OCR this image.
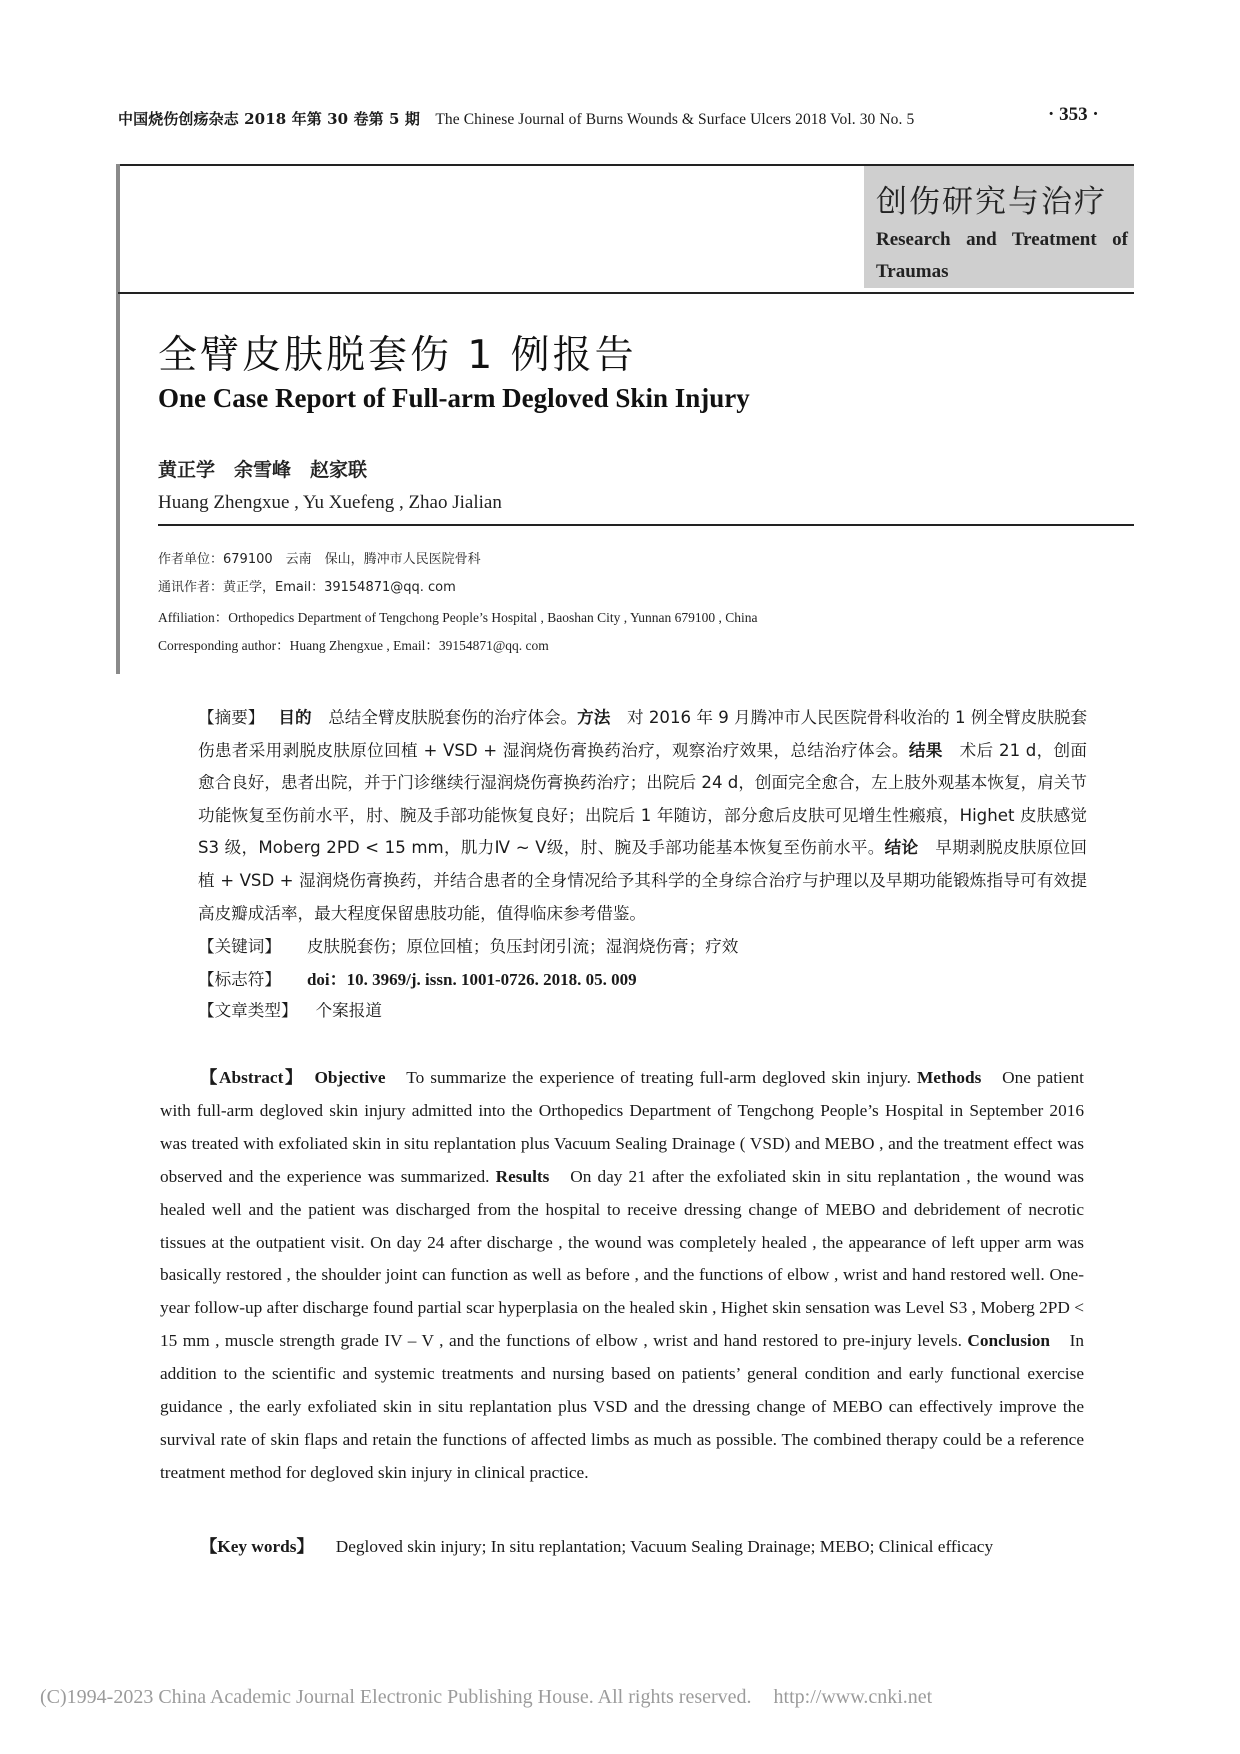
中国烧伤创疡杂志 2018 年第 30 卷第 5 期 The Chinese Journal of Burns Wounds & Surface Ulcers 2018 Vol. 30 No. 5	· 353 ·
创伤研究与治疗
Research and Treatment of Traumas
全臂皮肤脱套伤 1 例报告
One Case Report of Full-arm Degloved Skin Injury
黄正学　余雪峰　赵家联
Huang Zhengxue , Yu Xuefeng , Zhao Jialian
作者单位：679100　云南　保山，腾冲市人民医院骨科
通讯作者：黄正学，Email：39154871@qq. com
Affiliation：Orthopedics Department of Tengchong People’s Hospital , Baoshan City , Yunnan 679100 , China
Corresponding author：Huang Zhengxue , Email：39154871@qq. com
【摘要】 目的　 总结全臂皮肤脱套伤的治疗体会。方法　 对 2016 年 9 月腾冲市人民医院骨科收治的 1 例全臂皮肤脱套伤患者采用剥脱皮肤原位回植 + VSD + 湿润烧伤膏换药治疗，观察治疗效果，总结治疗体会。结果　 术后 21 d，创面愈合良好，患者出院，并于门诊继续行湿润烧伤膏换药治疗；出院后 24 d，创面完全愈合，左上肢外观基本恢复，肩关节功能恢复至伤前水平，肘、腕及手部功能恢复良好；出院后 1 年随访，部分愈后皮肤可见增生性瘢痕，Highet 皮肤感觉 S3 级，Moberg 2PD < 15 mm，肌力Ⅳ ~ Ⅴ级，肘、腕及手部功能基本恢复至伤前水平。结论　 早期剥脱皮肤原位回植 + VSD + 湿润烧伤膏换药，并结合患者的全身情况给予其科学的全身综合治疗与护理以及早期功能锻炼指导可有效提高皮瓣成活率，最大程度保留患肢功能，值得临床参考借鉴。
【关键词】 皮肤脱套伤；原位回植；负压封闭引流；湿润烧伤膏；疗效
【标志符】 doi：10. 3969/j. issn. 1001-0726. 2018. 05. 009
【文章类型】 个案报道

【Abstract】　 Objective　 To summarize the experience of treating full-arm degloved skin injury. Methods　 One patient with full-arm degloved skin injury admitted into the Orthopedics Department of Tengchong People’s Hospital in September 2016 was treated with exfoliated skin in situ replantation plus Vacuum Sealing Drainage ( VSD) and MEBO , and the treatment effect was observed and the experience was summarized. Results　 On day 21 after the exfoliated skin in situ replantation , the wound was healed well and the patient was discharged from the hospital to receive dressing change of MEBO and debridement of necrotic tissues at the outpatient visit. On day 24 after discharge , the wound was completely healed , the appearance of left upper arm was basically restored , the shoulder joint can function as well as before , and the functions of elbow , wrist and hand restored well. One-year follow-up after discharge found partial scar hyperplasia on the healed skin , Highet skin sensation was Level S3 , Moberg 2PD < 15 mm , muscle strength grade IV – V , and the functions of elbow , wrist and hand restored to pre-injury levels. Conclusion　 In addition to the scientific and systemic treatments and nursing based on patients’ general condition and early functional exercise guidance , the early exfoliated skin in situ replantation plus VSD and the dressing change of MEBO can effectively improve the survival rate of skin flaps and retain the functions of affected limbs as much as possible. The combined therapy could be a reference treatment method for degloved skin injury in clinical practice.

【Key words】 Degloved skin injury; In situ replantation; Vacuum Sealing Drainage; MEBO; Clinical efficacy
(C)1994-2023 China Academic Journal Electronic Publishing House. All rights reserved. http://www.cnki.net
